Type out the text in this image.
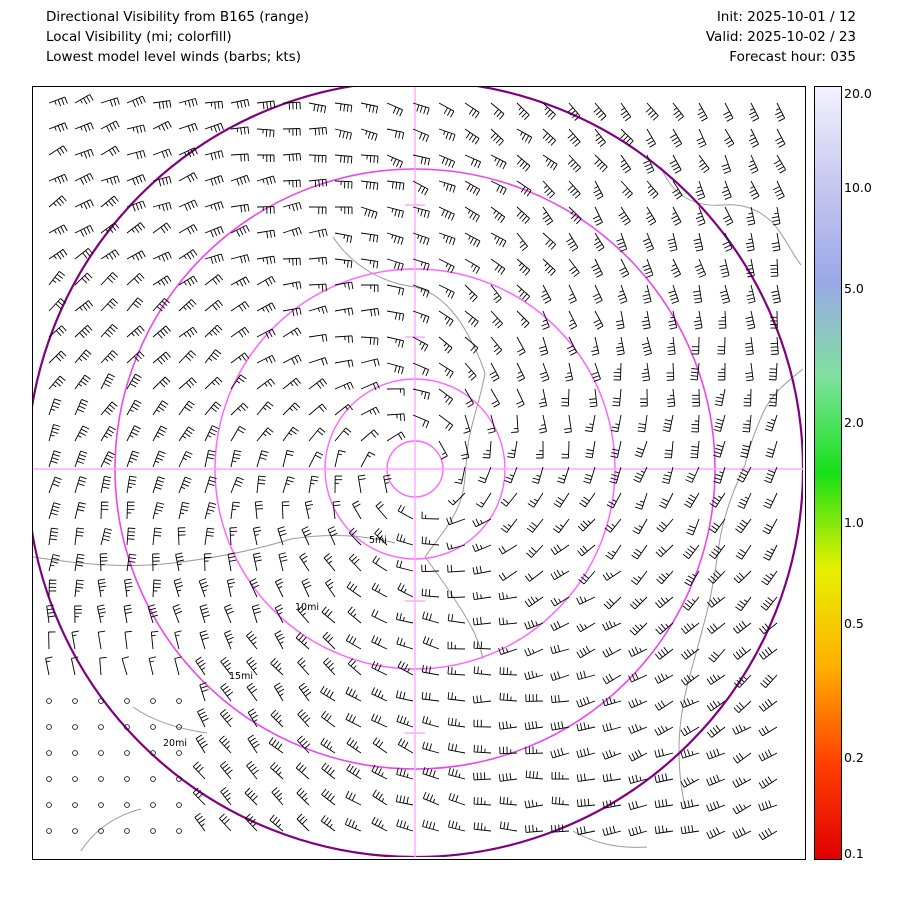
Directional Visibility from B165 (range)
Local Visibility (mi; colorfill)
Lowest model level winds (barbs; kts)
Init: 2025-10-01 / 12
Valid: 2025-10-02 / 23
Forecast hour: 035
5mi
10mi
15mi
20mi
20.0
10.0
5.0
2.0
1.0
0.5
0.2
0.1
